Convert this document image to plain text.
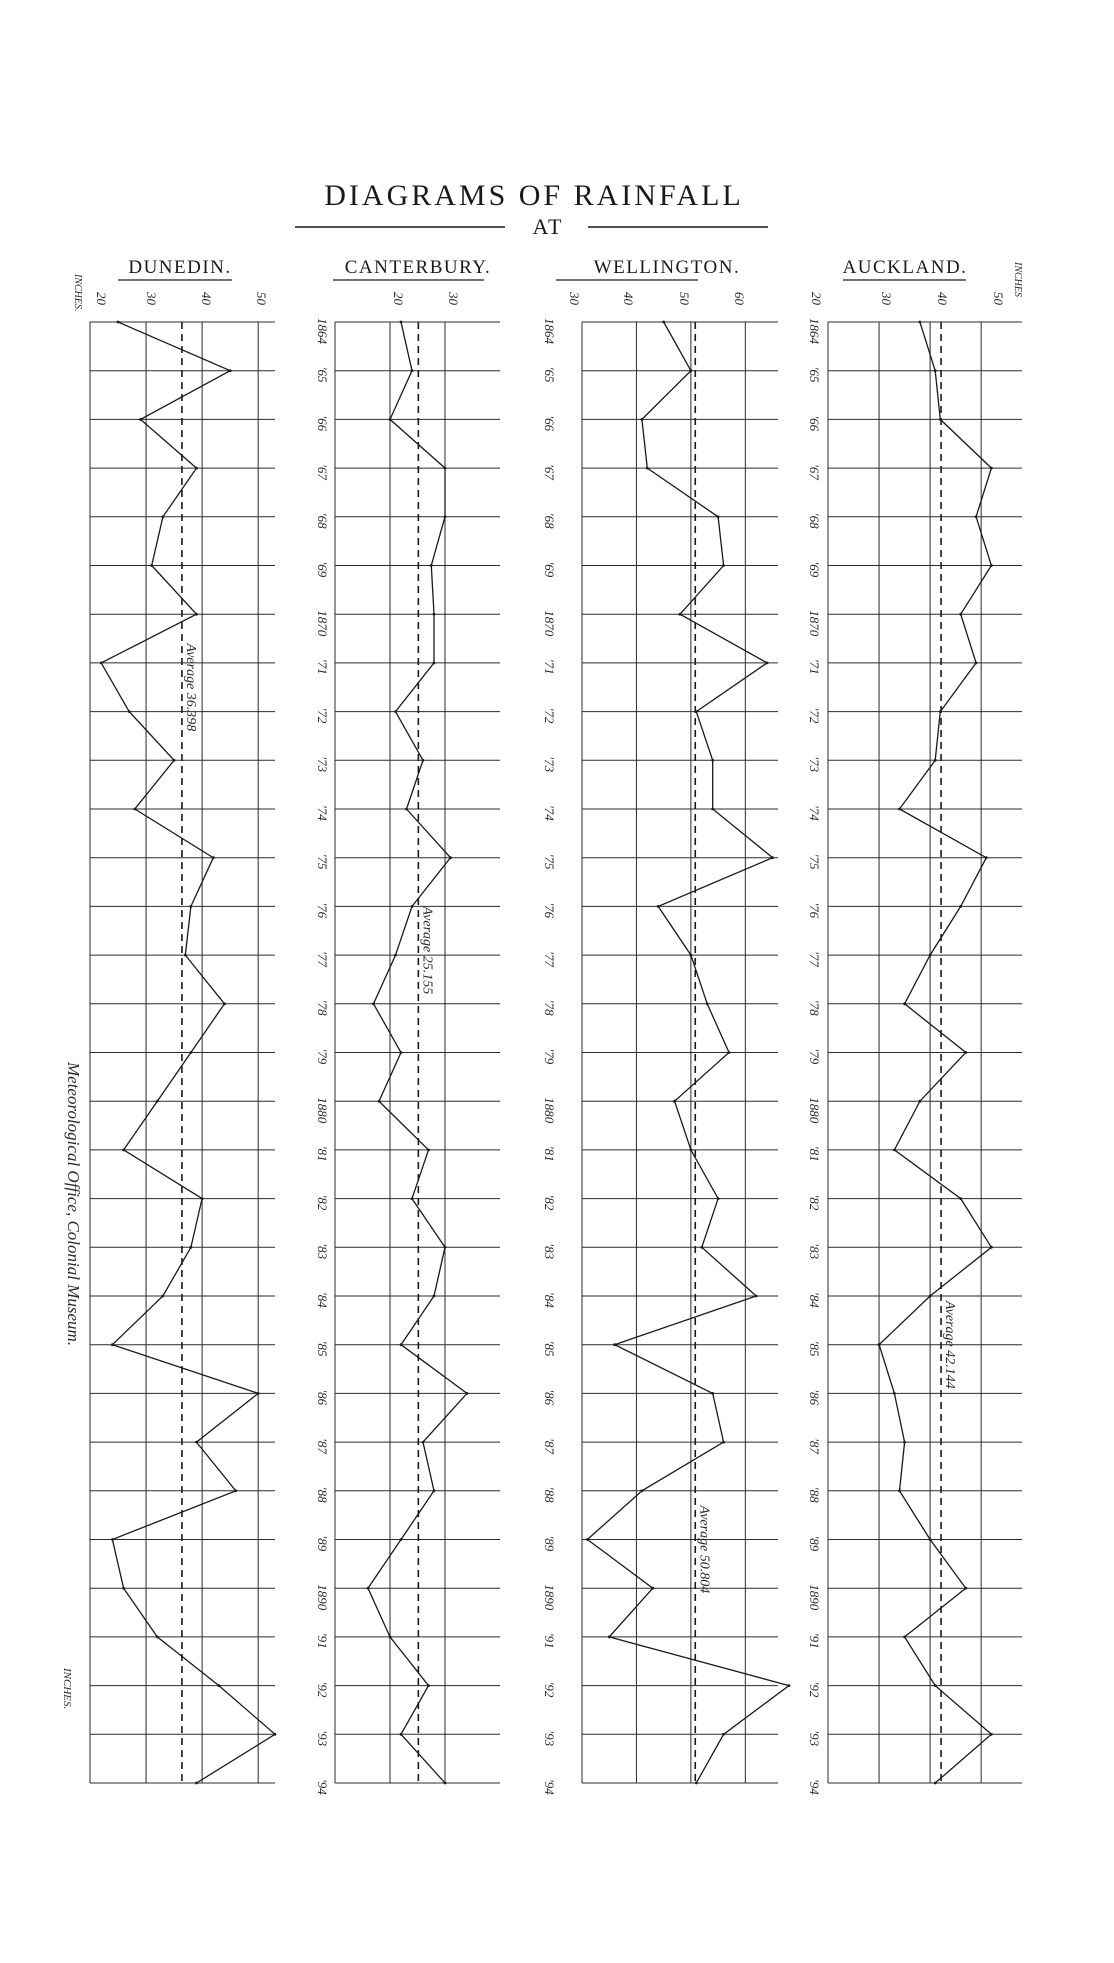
DIAGRAMS OF RAINFALL
AT
Meteorological Office, Colonial Museum.
DUNEDIN.
20	30	40	50
INCHES.
INCHES.
Average 36.398
1864
'65
'66
'67
'68
'69
1870
'71
'72
'73
'74
'75
'76
'77
'78
'79
1880
'81
'82
'83
'84
'85
'86
'87
'88
'89
1890
'91
'92
'93
'94
CANTERBURY.
20	30
Average 25.155
1864
'65
'66
'67
'68
'69
1870
'71
'72
'73
'74
'75
'76
'77
'78
'79
1880
'81
'82
'83
'84
'85
'86
'87
'88
'89
1890
'91
'92
'93
'94
WELLINGTON.
30	40	50	60
Average 50.804
1864
'65
'66
'67
'68
'69
1870
'71
'72
'73
'74
'75
'76
'77
'78
'79
1880
'81
'82
'83
'84
'85
'86
'87
'88
'89
1890
'91
'92
'93
'94
AUCKLAND.
20	30	40	50
INCHES
Average 42.144
